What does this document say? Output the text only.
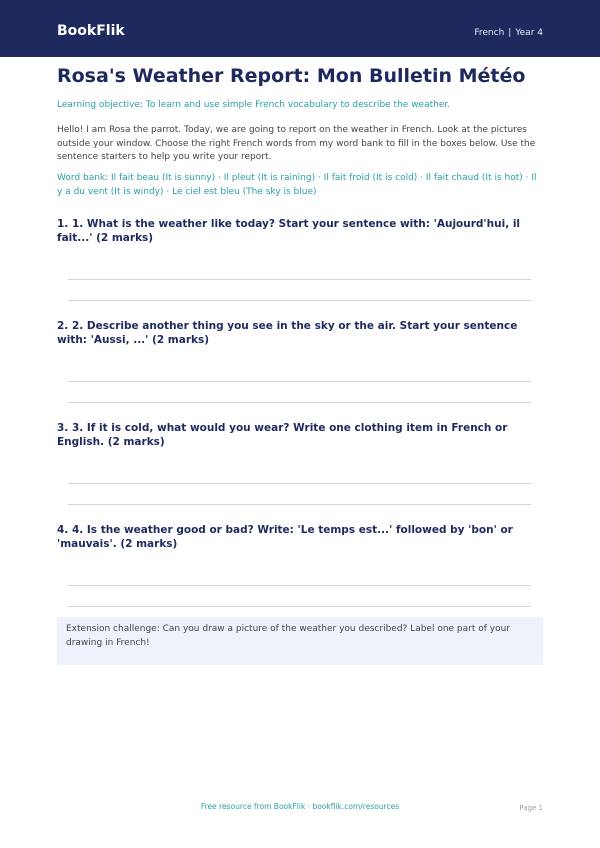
BookFlik	French | Year 4
Rosa's Weather Report: Mon Bulletin Météo
Learning objective: To learn and use simple French vocabulary to describe the weather.
Hello! I am Rosa the parrot. Today, we are going to report on the weather in French. Look at the pictures outside your window. Choose the right French words from my word bank to fill in the boxes below. Use the sentence starters to help you write your report.
Word bank: Il fait beau (It is sunny) · Il pleut (It is raining) · Il fait froid (It is cold) · Il fait chaud (It is hot) · Il y a du vent (It is windy) · Le ciel est bleu (The sky is blue)
1. 1. What is the weather like today? Start your sentence with: 'Aujourd'hui, il fait...' (2 marks)
2. 2. Describe another thing you see in the sky or the air. Start your sentence with: 'Aussi, ...' (2 marks)
3. 3. If it is cold, what would you wear? Write one clothing item in French or English. (2 marks)
4. 4. Is the weather good or bad? Write: 'Le temps est...' followed by 'bon' or 'mauvais'. (2 marks)
Extension challenge: Can you draw a picture of the weather you described? Label one part of your drawing in French!
Free resource from BookFlik · bookflik.com/resources	Page 1
